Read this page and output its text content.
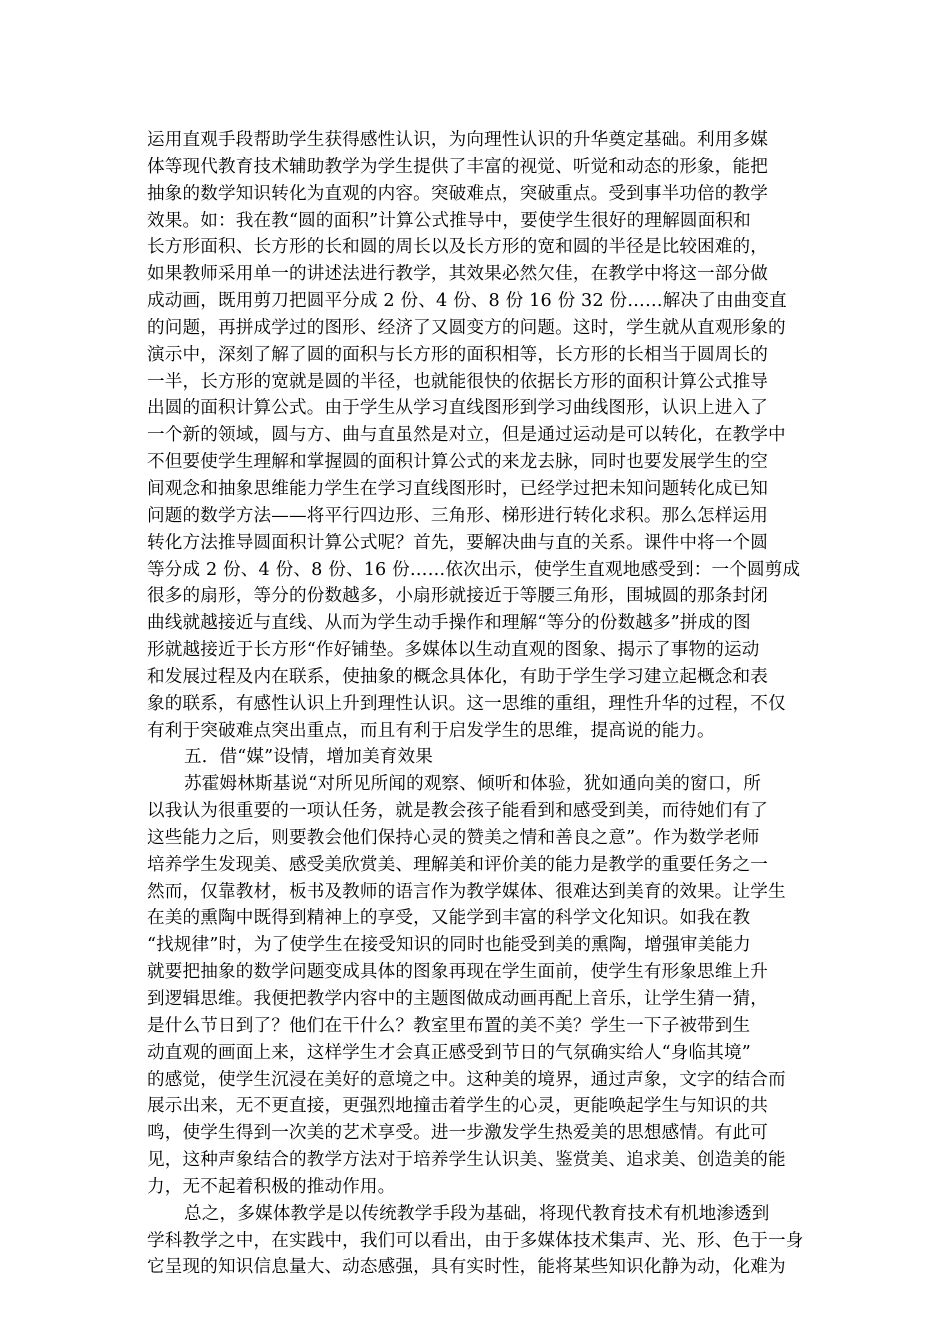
运用直观手段帮助学生获得感性认识，为向理性认识的升华奠定基础。利用多媒
体等现代教育技术辅助教学为学生提供了丰富的视觉、听觉和动态的形象，能把
抽象的数学知识转化为直观的内容。突破难点，突破重点。受到事半功倍的教学
效果。如：我在教“圆的面积”计算公式推导中，要使学生很好的理解圆面积和
长方形面积、长方形的长和圆的周长以及长方形的宽和圆的半径是比较困难的，
如果教师采用单一的讲述法进行教学，其效果必然欠佳，在教学中将这一部分做
成动画，既用剪刀把圆平分成 2 份、4 份、8 份 16 份 32 份……解决了由曲变直
的问题，再拼成学过的图形、经济了又圆变方的问题。这时，学生就从直观形象的
演示中，深刻了解了圆的面积与长方形的面积相等，长方形的长相当于圆周长的
一半，长方形的宽就是圆的半径，也就能很快的依据长方形的面积计算公式推导
出圆的面积计算公式。由于学生从学习直线图形到学习曲线图形，认识上进入了
一个新的领域，圆与方、曲与直虽然是对立，但是通过运动是可以转化，在教学中
不但要使学生理解和掌握圆的面积计算公式的来龙去脉，同时也要发展学生的空
间观念和抽象思维能力学生在学习直线图形时，已经学过把未知问题转化成已知
问题的数学方法——将平行四边形、三角形、梯形进行转化求积。那么怎样运用
转化方法推导圆面积计算公式呢？首先，要解决曲与直的关系。课件中将一个圆
等分成 2 份、4 份、8 份、16 份……依次出示，使学生直观地感受到：一个圆剪成
很多的扇形，等分的份数越多，小扇形就接近于等腰三角形，围城圆的那条封闭
曲线就越接近与直线、从而为学生动手操作和理解“等分的份数越多”拼成的图
形就越接近于长方形“作好铺垫。多媒体以生动直观的图象、揭示了事物的运动
和发展过程及内在联系，使抽象的概念具体化，有助于学生学习建立起概念和表
象的联系，有感性认识上升到理性认识。这一思维的重组，理性升华的过程，不仅
有利于突破难点突出重点，而且有利于启发学生的思维，提高说的能力。
五．借“媒”设情，增加美育效果
苏霍姆林斯基说“对所见所闻的观察、倾听和体验，犹如通向美的窗口，所
以我认为很重要的一项认任务，就是教会孩子能看到和感受到美，而待她们有了
这些能力之后，则要教会他们保持心灵的赞美之情和善良之意”。作为数学老师
培养学生发现美、感受美欣赏美、理解美和评价美的能力是教学的重要任务之一
然而，仅靠教材，板书及教师的语言作为教学媒体、很难达到美育的效果。让学生
在美的熏陶中既得到精神上的享受，又能学到丰富的科学文化知识。如我在教
“找规律”时，为了使学生在接受知识的同时也能受到美的熏陶，增强审美能力
就要把抽象的数学问题变成具体的图象再现在学生面前，使学生有形象思维上升
到逻辑思维。我便把教学内容中的主题图做成动画再配上音乐，让学生猜一猜，
是什么节日到了？他们在干什么？教室里布置的美不美？学生一下子被带到生
动直观的画面上来，这样学生才会真正感受到节日的气氛确实给人“身临其境”
的感觉，使学生沉浸在美好的意境之中。这种美的境界，通过声象，文字的结合而
展示出来，无不更直接，更强烈地撞击着学生的心灵，更能唤起学生与知识的共
鸣，使学生得到一次美的艺术享受。进一步激发学生热爱美的思想感情。有此可
见，这种声象结合的教学方法对于培养学生认识美、鉴赏美、追求美、创造美的能
力，无不起着积极的推动作用。
总之，多媒体教学是以传统教学手段为基础，将现代教育技术有机地渗透到
学科教学之中，在实践中，我们可以看出，由于多媒体技术集声、光、形、色于一身
它呈现的知识信息量大、动态感强，具有实时性，能将某些知识化静为动，化难为
